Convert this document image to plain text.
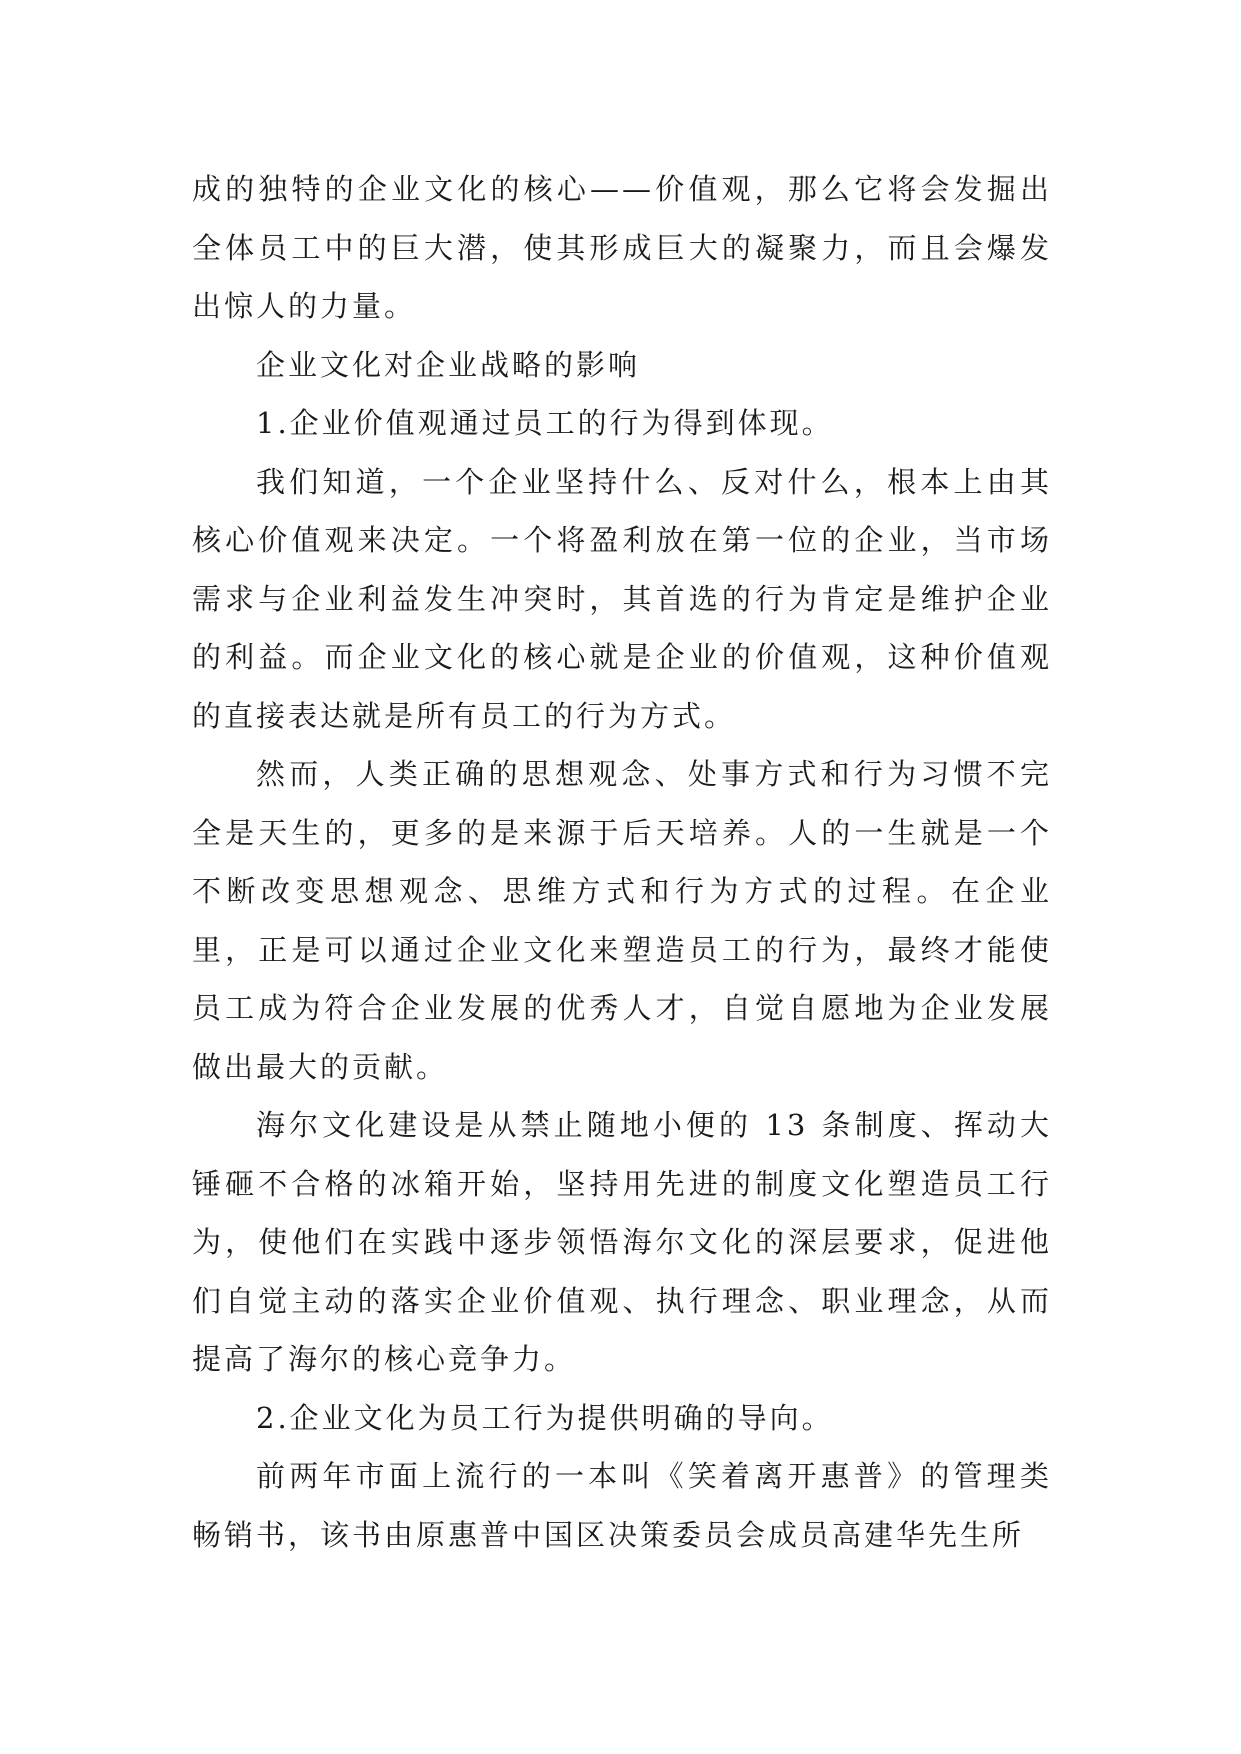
成的独特的企业文化的核心——价值观，那么它将会发掘出全体员工中的巨大潜，使其形成巨大的凝聚力，而且会爆发出惊人的力量。

企业文化对企业战略的影响

1.企业价值观通过员工的行为得到体现。

我们知道，一个企业坚持什么、反对什么，根本上由其核心价值观来决定。一个将盈利放在第一位的企业，当市场需求与企业利益发生冲突时，其首选的行为肯定是维护企业的利益。而企业文化的核心就是企业的价值观，这种价值观的直接表达就是所有员工的行为方式。

然而，人类正确的思想观念、处事方式和行为习惯不完全是天生的，更多的是来源于后天培养。人的一生就是一个不断改变思想观念、思维方式和行为方式的过程。在企业里，正是可以通过企业文化来塑造员工的行为，最终才能使员工成为符合企业发展的优秀人才，自觉自愿地为企业发展做出最大的贡献。

海尔文化建设是从禁止随地小便的 13 条制度、挥动大锤砸不合格的冰箱开始，坚持用先进的制度文化塑造员工行为，使他们在实践中逐步领悟海尔文化的深层要求，促进他们自觉主动的落实企业价值观、执行理念、职业理念，从而提高了海尔的核心竞争力。

2.企业文化为员工行为提供明确的导向。

前两年市面上流行的一本叫《笑着离开惠普》的管理类畅销书，该书由原惠普中国区决策委员会成员高建华先生所
